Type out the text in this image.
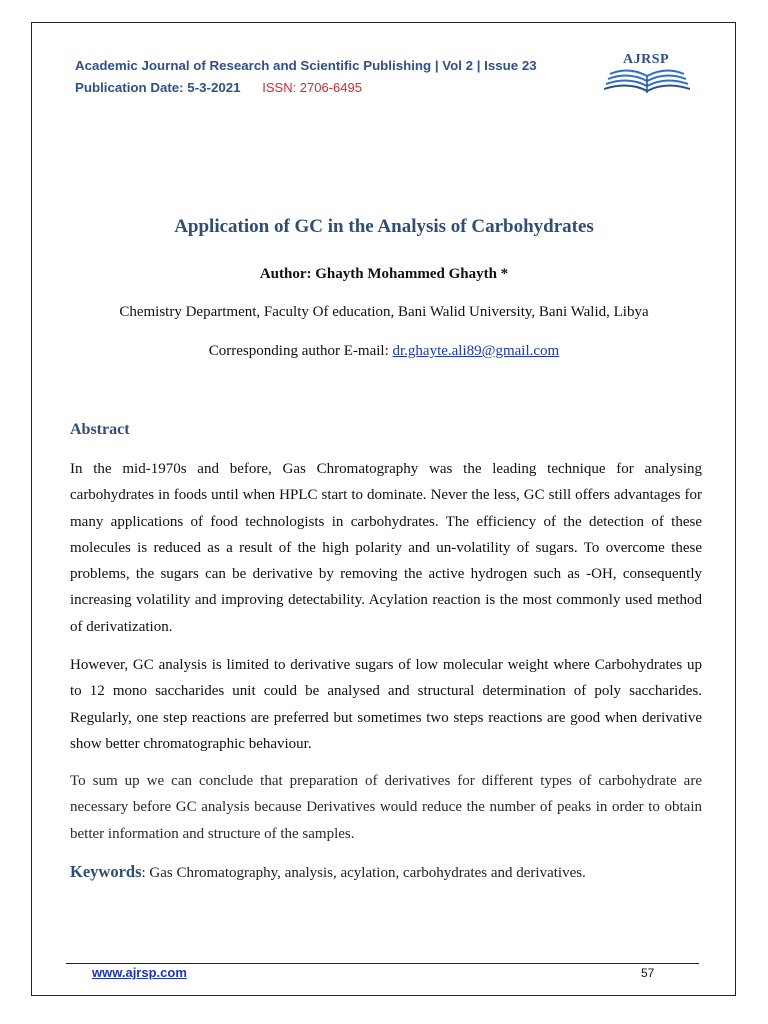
Academic Journal of Research and Scientific Publishing | Vol 2 | Issue 23
Publication Date: 5-3-2021 ISSN: 2706-6495
AJRSP
Application of GC in the Analysis of Carbohydrates
Author: Ghayth Mohammed Ghayth *
Chemistry Department, Faculty Of education, Bani Walid University, Bani Walid, Libya
Corresponding author E-mail: dr.ghayte.ali89@gmail.com
Abstract
In the mid-1970s and before, Gas Chromatography was the leading technique for analysing carbohydrates in foods until when HPLC start to dominate. Never the less, GC still offers advantages for many applications of food technologists in carbohydrates. The efficiency of the detection of these molecules is reduced as a result of the high polarity and un-volatility of sugars. To overcome these problems, the sugars can be derivative by removing the active hydrogen such as -OH, consequently increasing volatility and improving detectability. Acylation reaction is the most commonly used method of derivatization.
However, GC analysis is limited to derivative sugars of low molecular weight where Carbohydrates up to 12 mono saccharides unit could be analysed and structural determination of poly saccharides. Regularly, one step reactions are preferred but sometimes two steps reactions are good when derivative show better chromatographic behaviour.
To sum up we can conclude that preparation of derivatives for different types of carbohydrate are necessary before GC analysis because Derivatives would reduce the number of peaks in order to obtain better information and structure of the samples.
Keywords: Gas Chromatography, analysis, acylation, carbohydrates and derivatives.
www.ajrsp.com	57
